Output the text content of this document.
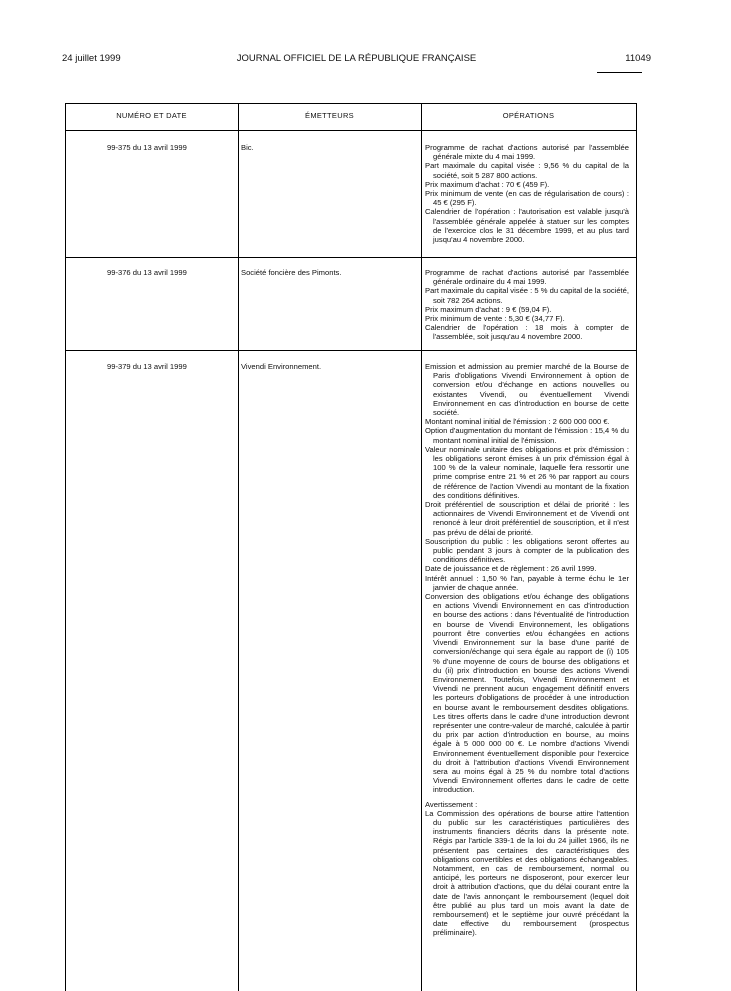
24 juillet 1999	JOURNAL OFFICIEL DE LA RÉPUBLIQUE FRANÇAISE	11049
NUMÉRO ET DATE	ÉMETTEURS	OPÉRATIONS
99-375 du 13 avril 1999	Bic.	Programme de rachat d'actions autorisé par l'assemblée générale mixte du 4 mai 1999.

Part maximale du capital visée : 9,56 % du capital de la société, soit 5 287 800 actions.

Prix maximum d'achat : 70 € (459 F).

Prix minimum de vente (en cas de régularisation de cours) : 45 € (295 F).

Calendrier de l'opération : l'autorisation est valable jusqu'à l'assemblée générale appelée à statuer sur les comptes de l'exercice clos le 31 décembre 1999, et au plus tard jusqu'au 4 novembre 2000.

99-376 du 13 avril 1999	Société foncière des Pimonts.	Programme de rachat d'actions autorisé par l'assemblée générale ordinaire du 4 mai 1999.

Part maximale du capital visée : 5 % du capital de la société, soit 782 264 actions.

Prix maximum d'achat : 9 € (59,04 F).

Prix minimum de vente : 5,30 € (34,77 F).

Calendrier de l'opération : 18 mois à compter de l'assemblée, soit jusqu'au 4 novembre 2000.

99-379 du 13 avril 1999	Vivendi Environnement.	Emission et admission au premier marché de la Bourse de Paris d'obligations Vivendi Environnement à option de conversion et/ou d'échange en actions nouvelles ou existantes Vivendi, ou éventuellement Vivendi Environnement en cas d'introduction en bourse de cette société.

Montant nominal initial de l'émission : 2 600 000 000 €.

Option d'augmentation du montant de l'émission : 15,4 % du montant nominal initial de l'émission.

Valeur nominale unitaire des obligations et prix d'émission : les obligations seront émises à un prix d'émission égal à 100 % de la valeur nominale, laquelle fera ressortir une prime comprise entre 21 % et 26 % par rapport au cours de référence de l'action Vivendi au montant de la fixation des conditions définitives.

Droit préférentiel de souscription et délai de priorité : les actionnaires de Vivendi Environnement et de Vivendi ont renoncé à leur droit préférentiel de souscription, et il n'est pas prévu de délai de priorité.

Souscription du public : les obligations seront offertes au public pendant 3 jours à compter de la publication des conditions définitives.

Date de jouissance et de règlement : 26 avril 1999.

Intérêt annuel : 1,50 % l'an, payable à terme échu le 1er janvier de chaque année.

Conversion des obligations et/ou échange des obligations en actions Vivendi Environnement en cas d'introduction en bourse des actions : dans l'éventualité de l'introduction en bourse de Vivendi Environnement, les obligations pourront être converties et/ou échangées en actions Vivendi Environnement sur la base d'une parité de conversion/échange qui sera égale au rapport de (i) 105 % d'une moyenne de cours de bourse des obligations et du (ii) prix d'introduction en bourse des actions Vivendi Environnement. Toutefois, Vivendi Environnement et Vivendi ne prennent aucun engagement définitif envers les porteurs d'obligations de procéder à une introduction en bourse avant le remboursement desdites obligations. Les titres offerts dans le cadre d'une introduction devront représenter une contre-valeur de marché, calculée à partir du prix par action d'introduction en bourse, au moins égale à 5 000 000 00 €. Le nombre d'actions Vivendi Environnement éventuellement disponible pour l'exercice du droit à l'attribution d'actions Vivendi Environnement sera au moins égal à 25 % du nombre total d'actions Vivendi Environnement offertes dans le cadre de cette introduction.

Avertissement :

La Commission des opérations de bourse attire l'attention du public sur les caractéristiques particulières des instruments financiers décrits dans la présente note. Régis par l'article 339-1 de la loi du 24 juillet 1966, ils ne présentent pas certaines des caractéristiques des obligations convertibles et des obligations échangeables. Notamment, en cas de remboursement, normal ou anticipé, les porteurs ne disposeront, pour exercer leur droit à attribution d'actions, que du délai courant entre la date de l'avis annonçant le remboursement (lequel doit être publié au plus tard un mois avant la date de remboursement) et le septième jour ouvré précédant la date effective du remboursement (prospectus préliminaire).
